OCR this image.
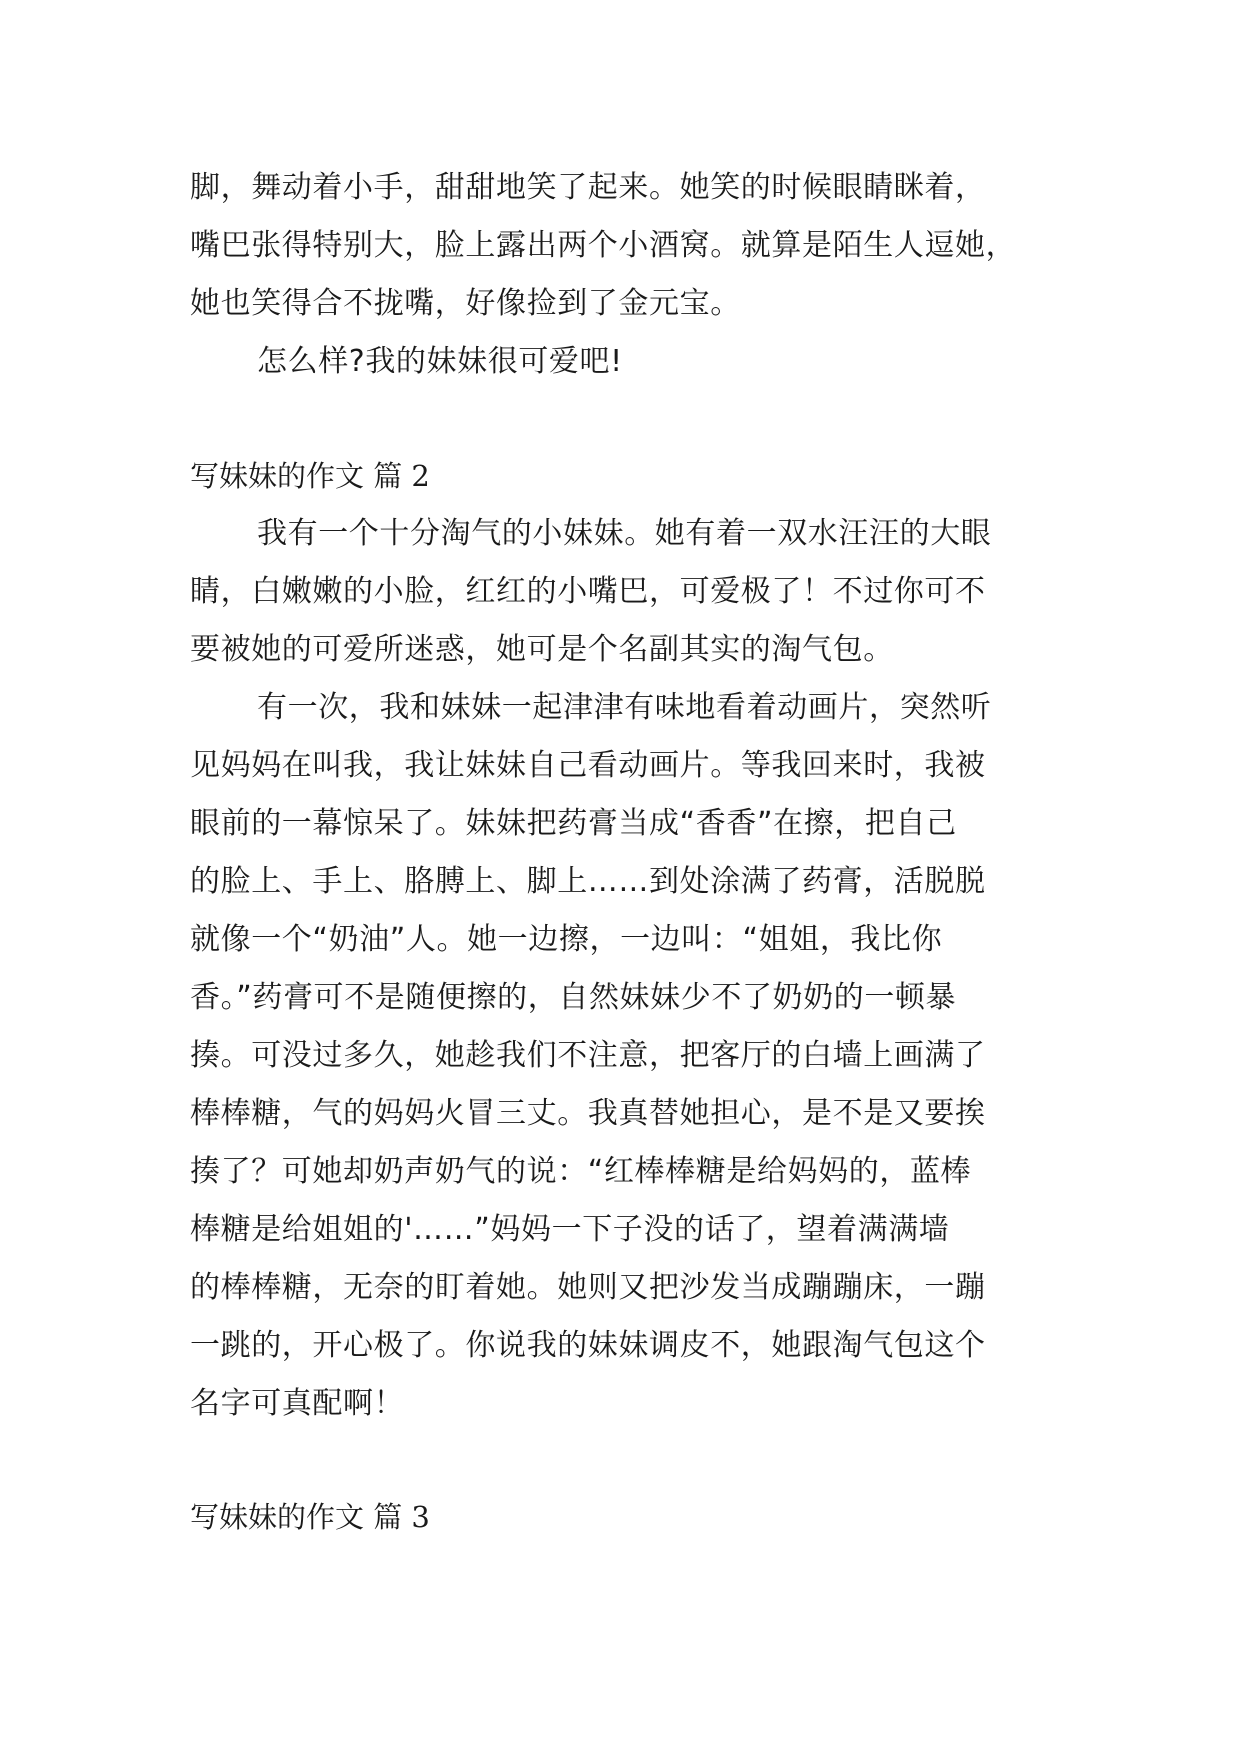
脚，舞动着小手，甜甜地笑了起来。她笑的时候眼睛眯着，
嘴巴张得特别大，脸上露出两个小酒窝。就算是陌生人逗她，
她也笑得合不拢嘴，好像捡到了金元宝。
怎么样?我的妹妹很可爱吧!
写妹妹的作文 篇 2
我有一个十分淘气的小妹妹。她有着一双水汪汪的大眼
睛，白嫩嫩的小脸，红红的小嘴巴，可爱极了！不过你可不
要被她的可爱所迷惑，她可是个名副其实的淘气包。
有一次，我和妹妹一起津津有味地看着动画片，突然听
见妈妈在叫我，我让妹妹自己看动画片。等我回来时，我被
眼前的一幕惊呆了。妹妹把药膏当成“香香”在擦，把自己
的脸上、手上、胳膊上、脚上……到处涂满了药膏，活脱脱
就像一个“奶油”人。她一边擦，一边叫：“姐姐，我比你
香。”药膏可不是随便擦的，自然妹妹少不了奶奶的一顿暴
揍。可没过多久，她趁我们不注意，把客厅的白墙上画满了
棒棒糖，气的妈妈火冒三丈。我真替她担心，是不是又要挨
揍了？可她却奶声奶气的说：“红棒棒糖是给妈妈的，蓝棒
棒糖是给姐姐的'……”妈妈一下子没的话了，望着满满墙
的棒棒糖，无奈的盯着她。她则又把沙发当成蹦蹦床，一蹦
一跳的，开心极了。你说我的妹妹调皮不，她跟淘气包这个
名字可真配啊！
写妹妹的作文 篇 3
